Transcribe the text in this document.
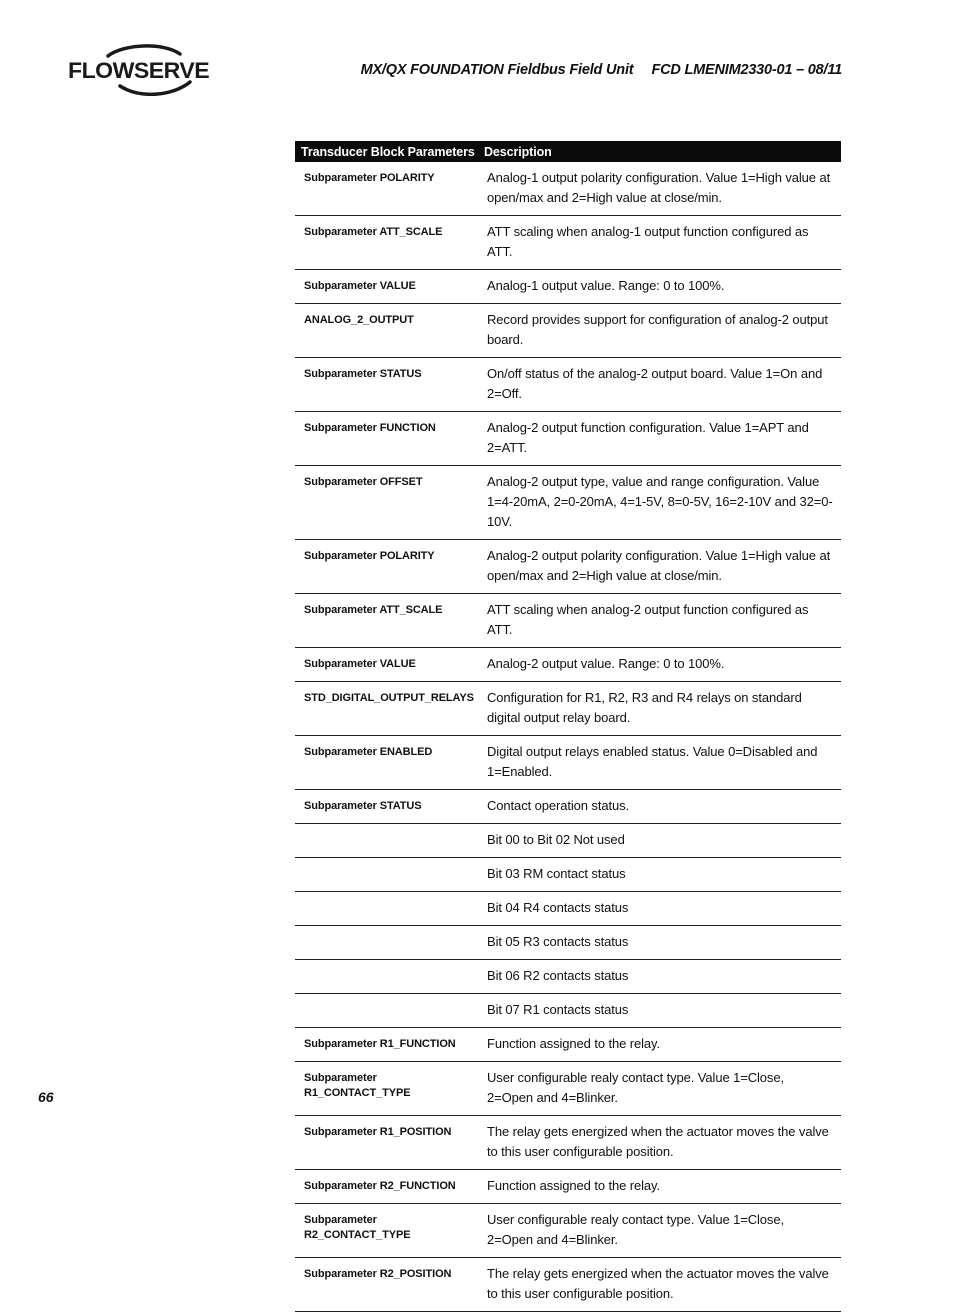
FLOWSERVE	MX/QX FOUNDATION Fieldbus Field Unit FCD LMENIM2330-01 – 08/11
Transducer Block Parameters	Description
Subparameter POLARITY	Analog-1 output polarity configuration. Value 1=High value at open/max and 2=High value at close/min.
Subparameter ATT_SCALE	ATT scaling when analog-1 output function configured as ATT.
Subparameter VALUE	Analog-1 output value. Range: 0 to 100%.
ANALOG_2_OUTPUT	Record provides support for configuration of analog-2 output board.
Subparameter STATUS	On/off status of the analog-2 output board. Value 1=On and 2=Off.
Subparameter FUNCTION	Analog-2 output function configuration. Value 1=APT and 2=ATT.
Subparameter OFFSET	Analog-2 output type, value and range configuration. Value 1=4-20mA, 2=0-20mA, 4=1-5V, 8=0-5V, 16=2-10V and 32=0-10V.
Subparameter POLARITY	Analog-2 output polarity configuration. Value 1=High value at open/max and 2=High value at close/min.
Subparameter ATT_SCALE	ATT scaling when analog-2 output function configured as ATT.
Subparameter VALUE	Analog-2 output value. Range: 0 to 100%.
STD_DIGITAL_OUTPUT_RELAYS	Configuration for R1, R2, R3 and R4 relays on standard digital output relay board.
Subparameter ENABLED	Digital output relays enabled status. Value 0=Disabled and 1=Enabled.
Subparameter STATUS	Contact operation status.
	Bit 00 to Bit 02 Not used
	Bit 03 RM contact status
	Bit 04 R4 contacts status
	Bit 05 R3 contacts status
	Bit 06 R2 contacts status
	Bit 07 R1 contacts status
Subparameter R1_FUNCTION	Function assigned to the relay.
Subparameter R1_CONTACT_TYPE	User configurable realy contact type. Value 1=Close, 2=Open and 4=Blinker.
Subparameter R1_POSITION	The relay gets energized when the actuator moves the valve to this user configurable position.
Subparameter R2_FUNCTION	Function assigned to the relay.
Subparameter R2_CONTACT_TYPE	User configurable realy contact type. Value 1=Close, 2=Open and 4=Blinker.
Subparameter R2_POSITION	The relay gets energized when the actuator moves the valve to this user configurable position.
66
